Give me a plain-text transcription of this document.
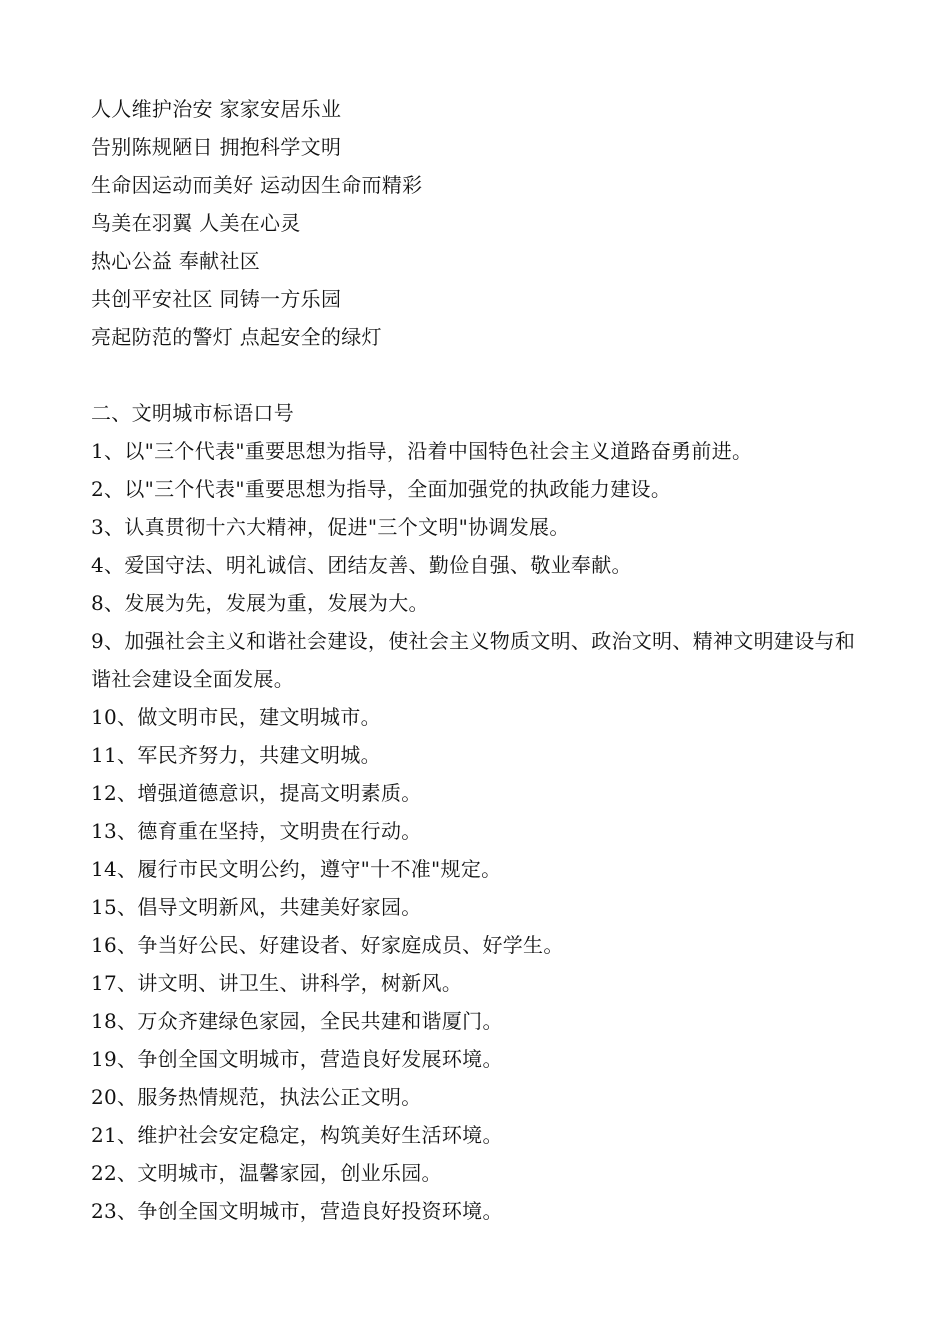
人人维护治安 家家安居乐业
告别陈规陋日 拥抱科学文明
生命因运动而美好 运动因生命而精彩
鸟美在羽翼 人美在心灵
热心公益 奉献社区
共创平安社区 同铸一方乐园
亮起防范的警灯 点起安全的绿灯
二、文明城市标语口号
1、以"三个代表"重要思想为指导，沿着中国特色社会主义道路奋勇前进。
2、以"三个代表"重要思想为指导，全面加强党的执政能力建设。
3、认真贯彻十六大精神，促进"三个文明"协调发展。
4、爱国守法、明礼诚信、团结友善、勤俭自强、敬业奉献。
8、发展为先，发展为重，发展为大。
9、加强社会主义和谐社会建设，使社会主义物质文明、政治文明、精神文明建设与和谐社会建设全面发展。
10、做文明市民，建文明城市。
11、军民齐努力，共建文明城。
12、增强道德意识，提高文明素质。
13、德育重在坚持，文明贵在行动。
14、履行市民文明公约，遵守"十不准"规定。
15、倡导文明新风，共建美好家园。
16、争当好公民、好建设者、好家庭成员、好学生。
17、讲文明、讲卫生、讲科学，树新风。
18、万众齐建绿色家园，全民共建和谐厦门。
19、争创全国文明城市，营造良好发展环境。
20、服务热情规范，执法公正文明。
21、维护社会安定稳定，构筑美好生活环境。
22、文明城市，温馨家园，创业乐园。
23、争创全国文明城市，营造良好投资环境。
